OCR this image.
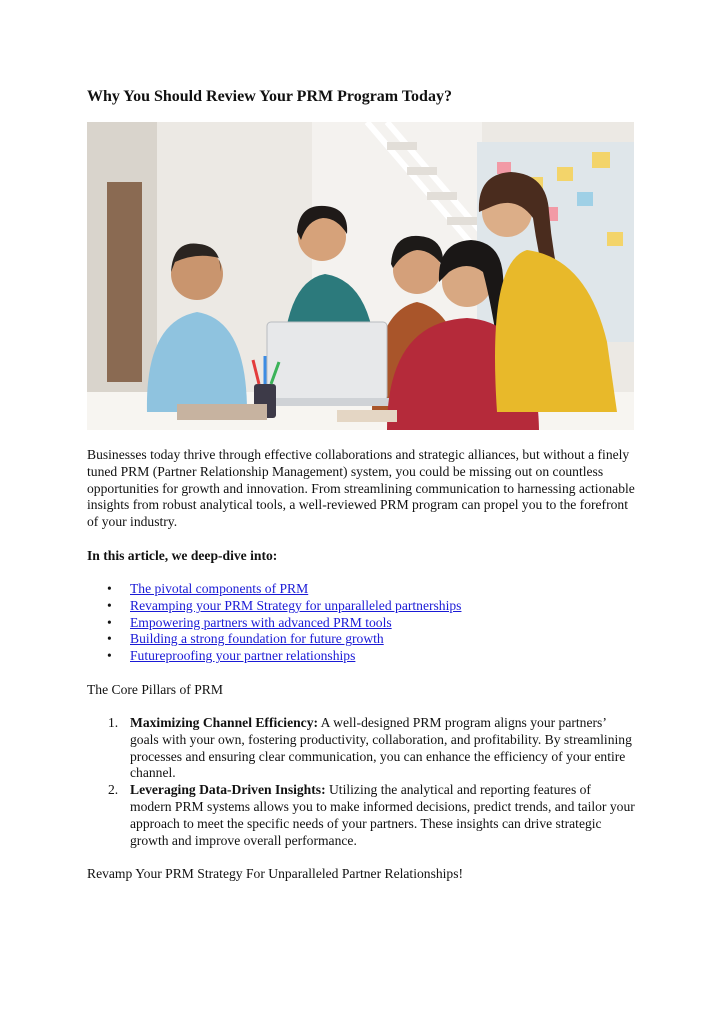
Why You Should Review Your PRM Program Today?

Businesses today thrive through effective collaborations and strategic alliances, but without a finely tuned PRM (Partner Relationship Management) system, you could be missing out on countless opportunities for growth and innovation. From streamlining communication to harnessing actionable insights from robust analytical tools, a well-reviewed PRM program can propel you to the forefront of your industry.

In this article, we deep-dive into:

• The pivotal components of PRM
• Revamping your PRM Strategy for unparalleled partnerships
• Empowering partners with advanced PRM tools
• Building a strong foundation for future growth
• Futureproofing your partner relationships

The Core Pillars of PRM

1. Maximizing Channel Efficiency: A well-designed PRM program aligns your partners’ goals with your own, fostering productivity, collaboration, and profitability. By streamlining processes and ensuring clear communication, you can enhance the efficiency of your entire channel.
2. Leveraging Data-Driven Insights: Utilizing the analytical and reporting features of modern PRM systems allows you to make informed decisions, predict trends, and tailor your approach to meet the specific needs of your partners. These insights can drive strategic growth and improve overall performance.

Revamp Your PRM Strategy For Unparalleled Partner Relationships!
